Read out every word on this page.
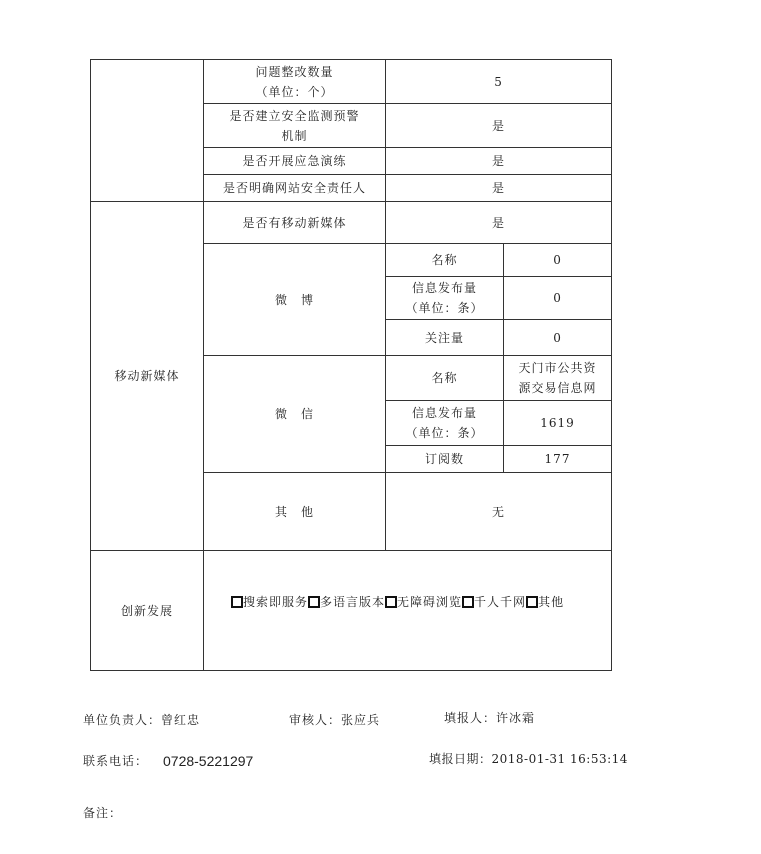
	问题整改数量
（单位：个）	5	
	是否建立安全监测预警
机制	是	
	是否开展应急演练	是	
	是否明确网站安全责任人	是	
移动新媒体	是否有移动新媒体	是	
	微　博	名称	0
		信息发布量
（单位：条）	0
		关注量	0
	微　信	名称	天门市公共资
源交易信息网
		信息发布量
（单位：条）	1619
		订阅数	177
	其　他	无	
创新发展	搜索即服务 多语言版本 无障碍浏览 千人千网 其他		
单位负责人：曾红忠	审核人：张应兵	填报人：许冰霜
联系电话： 0728-5221297	填报日期：2018-01-31 16:53:14
备注：
